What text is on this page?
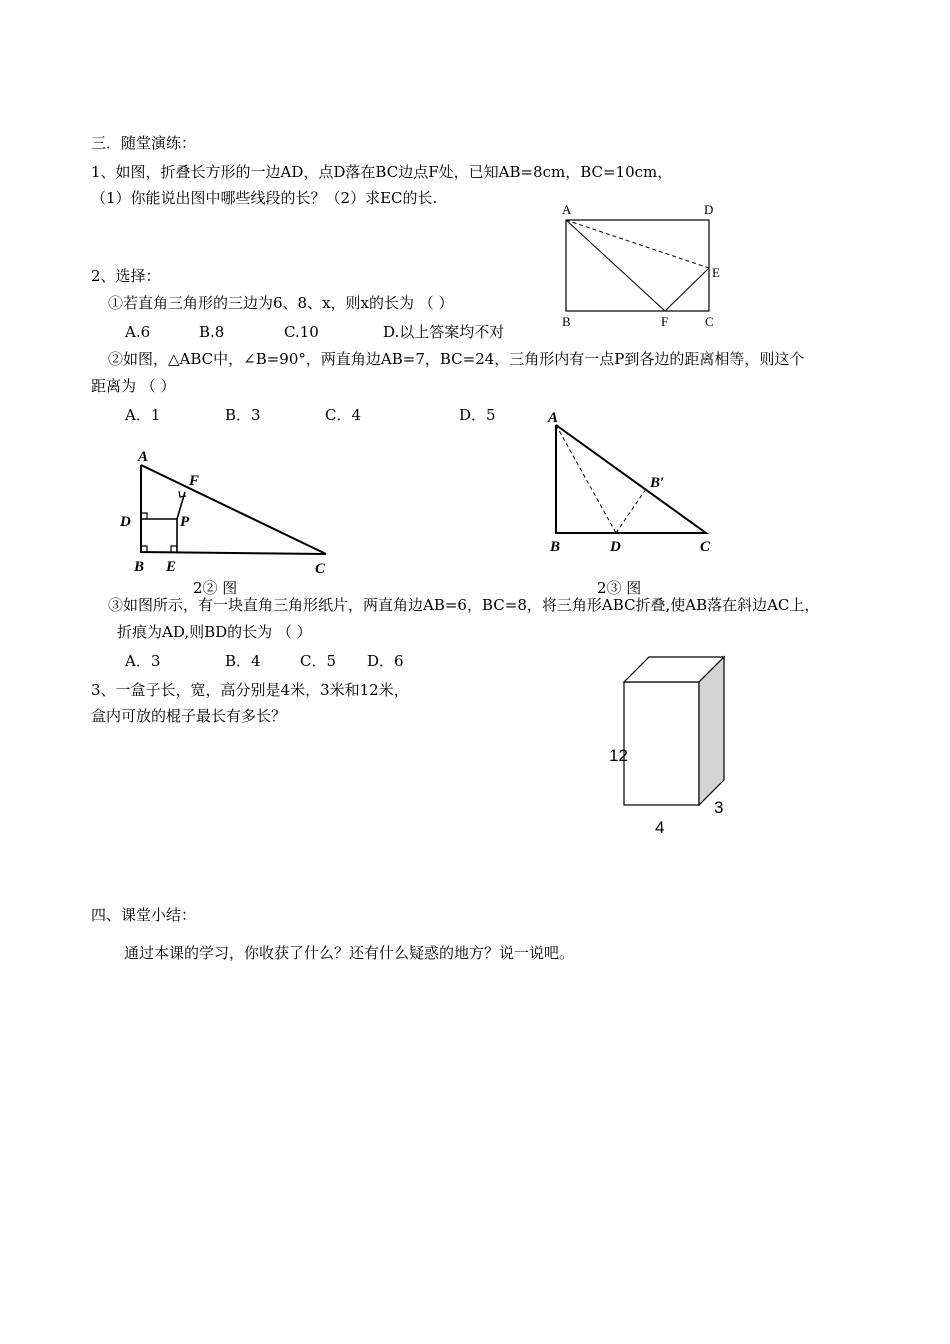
三．随堂演练：
1、如图，折叠长方形的一边AD，点D落在BC边点F处，已知AB=8cm，BC=10cm，
（1）你能说出图中哪些线段的长？（2）求EC的长.
2、选择：
①若直角三角形的三边为6、8、x，则x的长为 （ ）
A.6	B.8	C.10	D.以上答案均不对
②如图，△ABC中，∠B=90°，两直角边AB=7，BC=24，三角形内有一点P到各边的距离相等，则这个
距离为 （ ）
A．1	B．3	C．4	D．5
③如图所示，有一块直角三角形纸片，两直角边AB=6，BC=8，将三角形ABC折叠,使AB落在斜边AC上，
折痕为AD,则BD的长为 （ ）
A．3	B．4	C．5 D．6
3、一盒子长，宽，高分别是4米，3米和12米，
盒内可放的棍子最长有多长？
四、课堂小结：
通过本课的学习，你收获了什么？还有什么疑惑的地方？说一说吧。
A	D
E
B	F	C
A
F
D	P
B E	C
2② 图
A
B′
B	D	C
2③ 图
12
4
3
